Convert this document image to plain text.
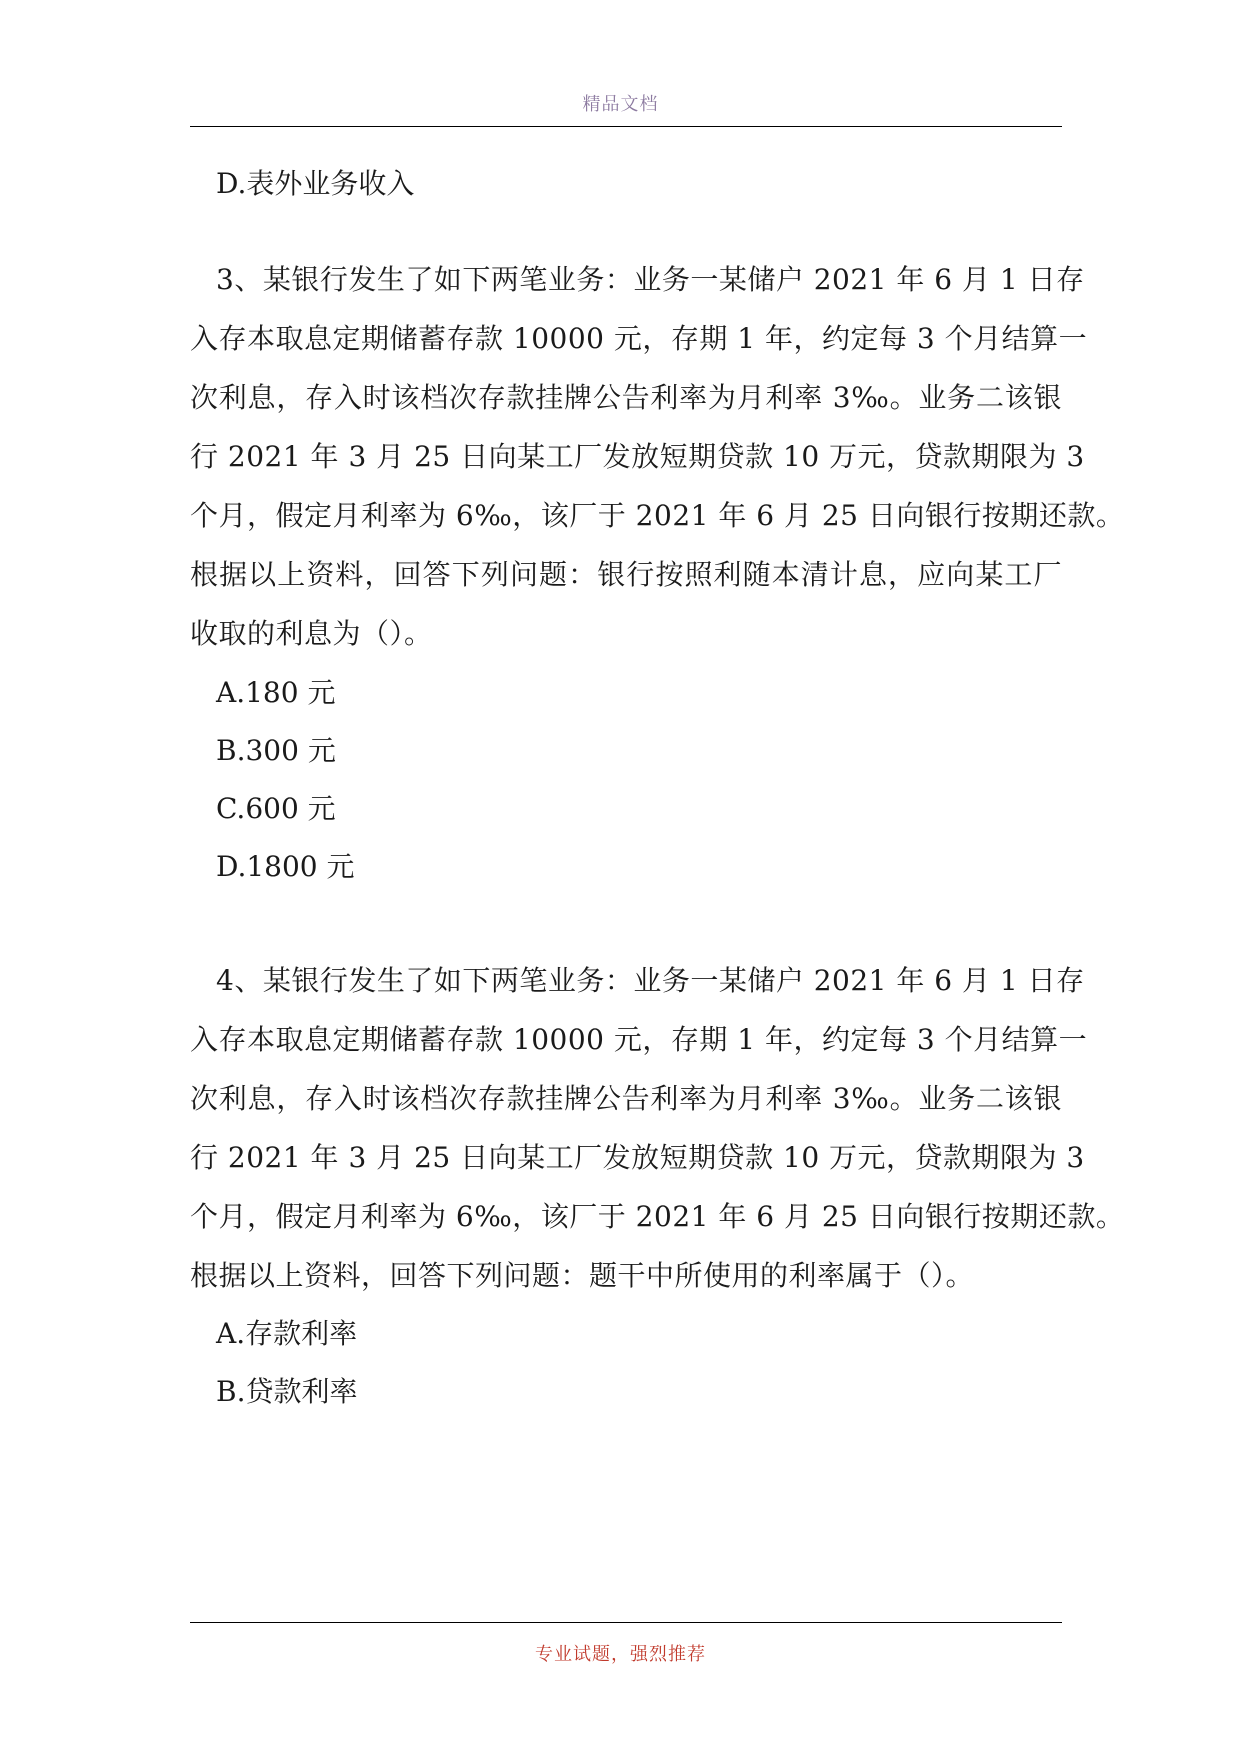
精品文档
D.表外业务收入
3、某银行发生了如下两笔业务：业务一某储户 2021 年 6 月 1 日存
入存本取息定期储蓄存款 10000 元，存期 1 年，约定每 3 个月结算一
次利息，存入时该档次存款挂牌公告利率为月利率 3‰。业务二该银
行 2021 年 3 月 25 日向某工厂发放短期贷款 10 万元，贷款期限为 3
个月，假定月利率为 6‰，该厂于 2021 年 6 月 25 日向银行按期还款。
根据以上资料，回答下列问题：银行按照利随本清计息，应向某工厂
收取的利息为（）。
A.180 元
B.300 元
C.600 元
D.1800 元
4、某银行发生了如下两笔业务：业务一某储户 2021 年 6 月 1 日存
入存本取息定期储蓄存款 10000 元，存期 1 年，约定每 3 个月结算一
次利息，存入时该档次存款挂牌公告利率为月利率 3‰。业务二该银
行 2021 年 3 月 25 日向某工厂发放短期贷款 10 万元，贷款期限为 3
个月，假定月利率为 6‰，该厂于 2021 年 6 月 25 日向银行按期还款。
根据以上资料，回答下列问题：题干中所使用的利率属于（）。
A.存款利率
B.贷款利率
专业试题，强烈推荐
